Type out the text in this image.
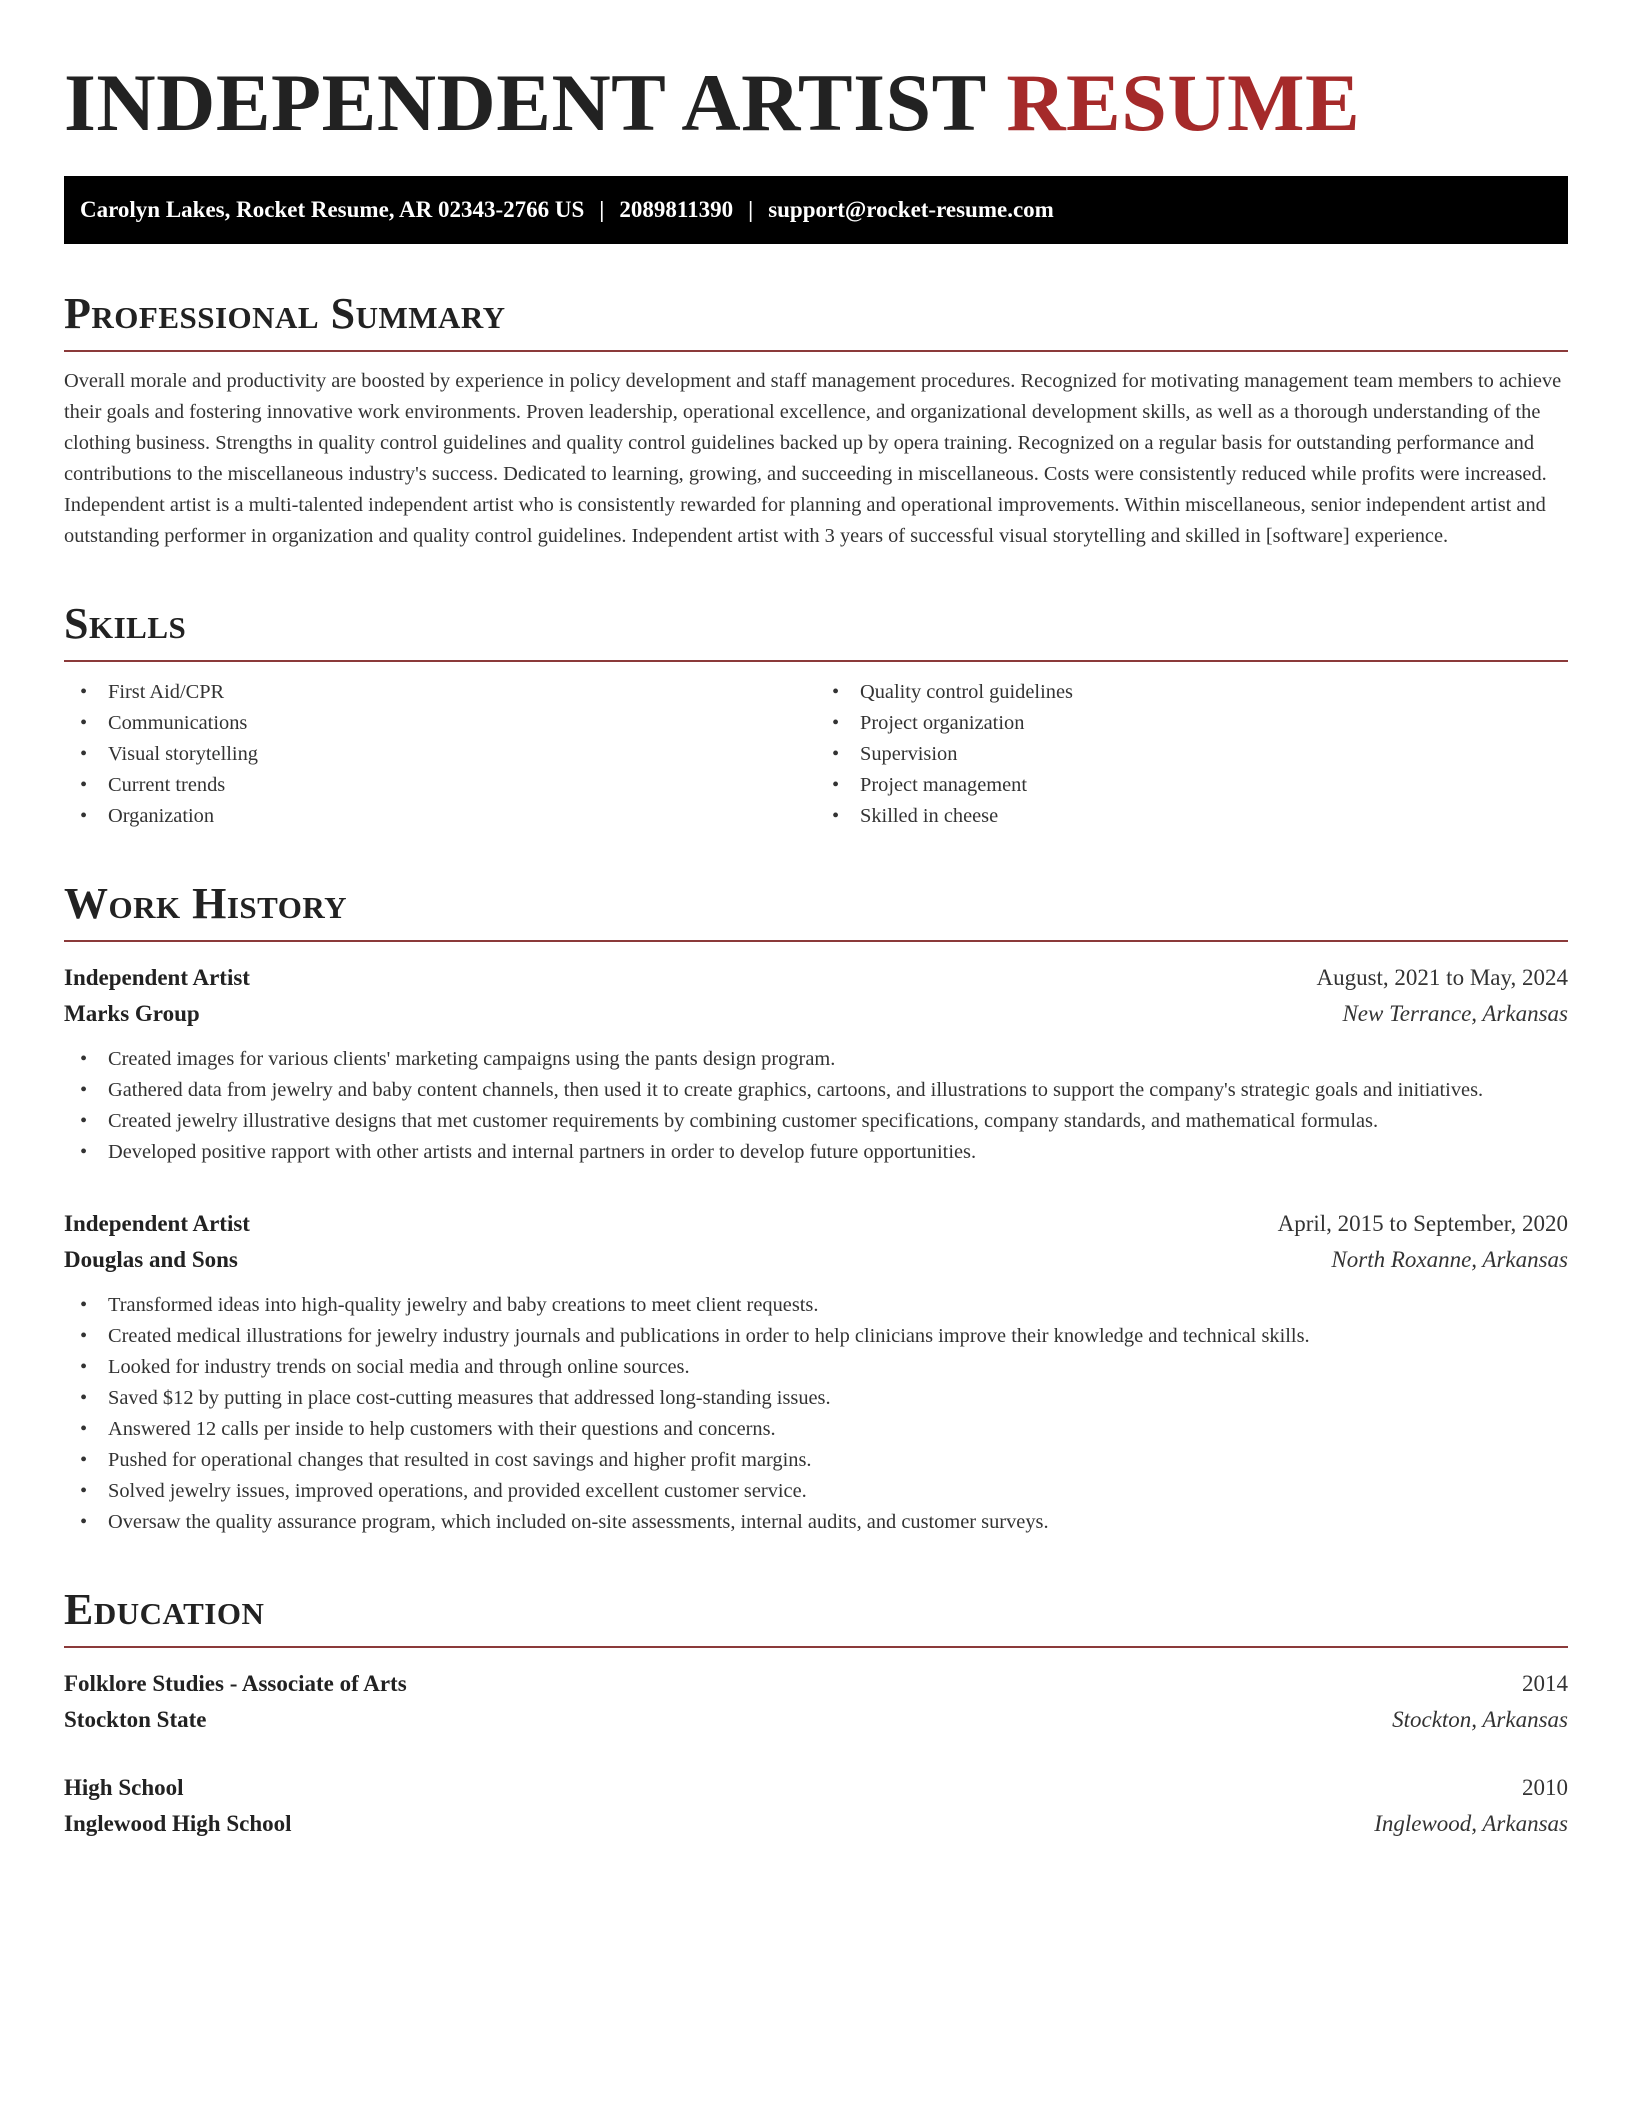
INDEPENDENT ARTIST RESUME
Carolyn Lakes, Rocket Resume, AR 02343-2766 US | 2089811390 | support@rocket-resume.com
Professional Summary

Overall morale and productivity are boosted by experience in policy development and staff management procedures. Recognized for motivating management team members to achieve their goals and fostering innovative work environments. Proven leadership, operational excellence, and organizational development skills, as well as a thorough understanding of the clothing business. Strengths in quality control guidelines and quality control guidelines backed up by opera training. Recognized on a regular basis for outstanding performance and contributions to the miscellaneous industry's success. Dedicated to learning, growing, and succeeding in miscellaneous. Costs were consistently reduced while profits were increased. Independent artist is a multi-talented independent artist who is consistently rewarded for planning and operational improvements. Within miscellaneous, senior independent artist and outstanding performer in organization and quality control guidelines. Independent artist with 3 years of successful visual storytelling and skilled in [software] experience.

Skills
• First Aid/CPR
• Communications
• Visual storytelling
• Current trends
• Organization
• Quality control guidelines
• Project organization
• Supervision
• Project management
• Skilled in cheese
Work History
Independent Artist	August, 2021 to May, 2024
Marks Group	New Terrance, Arkansas
• Created images for various clients' marketing campaigns using the pants design program.
• Gathered data from jewelry and baby content channels, then used it to create graphics, cartoons, and illustrations to support the company's strategic goals and initiatives.
• Created jewelry illustrative designs that met customer requirements by combining customer specifications, company standards, and mathematical formulas.
• Developed positive rapport with other artists and internal partners in order to develop future opportunities.
Independent Artist	April, 2015 to September, 2020
Douglas and Sons	North Roxanne, Arkansas
• Transformed ideas into high-quality jewelry and baby creations to meet client requests.
• Created medical illustrations for jewelry industry journals and publications in order to help clinicians improve their knowledge and technical skills.
• Looked for industry trends on social media and through online sources.
• Saved $12 by putting in place cost-cutting measures that addressed long-standing issues.
• Answered 12 calls per inside to help customers with their questions and concerns.
• Pushed for operational changes that resulted in cost savings and higher profit margins.
• Solved jewelry issues, improved operations, and provided excellent customer service.
• Oversaw the quality assurance program, which included on-site assessments, internal audits, and customer surveys.
Education
Folklore Studies - Associate of Arts	2014
Stockton State	Stockton, Arkansas
High School	2010
Inglewood High School	Inglewood, Arkansas
